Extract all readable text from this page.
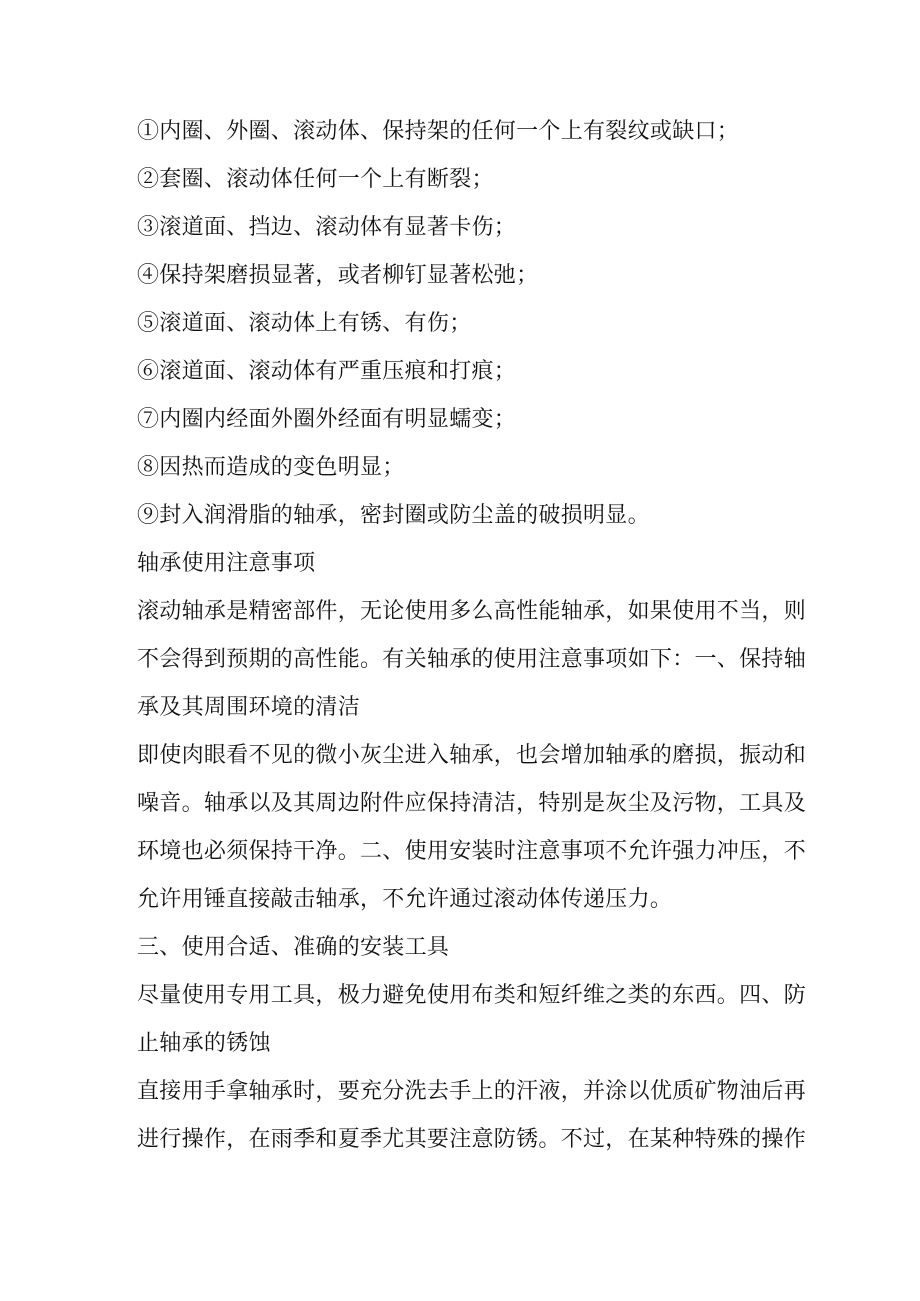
①内圈、外圈、滚动体、保持架的任何一个上有裂纹或缺口；
②套圈、滚动体任何一个上有断裂；
③滚道面、挡边、滚动体有显著卡伤；
④保持架磨损显著，或者柳钉显著松弛；
⑤滚道面、滚动体上有锈、有伤；
⑥滚道面、滚动体有严重压痕和打痕；
⑦内圈内经面外圈外经面有明显蠕变；
⑧因热而造成的变色明显；
⑨封入润滑脂的轴承，密封圈或防尘盖的破损明显。
轴承使用注意事项
滚动轴承是精密部件，无论使用多么高性能轴承，如果使用不当，则
不会得到预期的高性能。有关轴承的使用注意事项如下：一、保持轴
承及其周围环境的清洁
即使肉眼看不见的微小灰尘进入轴承，也会增加轴承的磨损，振动和
噪音。轴承以及其周边附件应保持清洁，特别是灰尘及污物，工具及
环境也必须保持干净。二、使用安装时注意事项不允许强力冲压，不
允许用锤直接敲击轴承，不允许通过滚动体传递压力。
三、使用合适、准确的安装工具
尽量使用专用工具，极力避免使用布类和短纤维之类的东西。四、防
止轴承的锈蚀
直接用手拿轴承时，要充分洗去手上的汗液，并涂以优质矿物油后再
进行操作，在雨季和夏季尤其要注意防锈。不过，在某种特殊的操作
